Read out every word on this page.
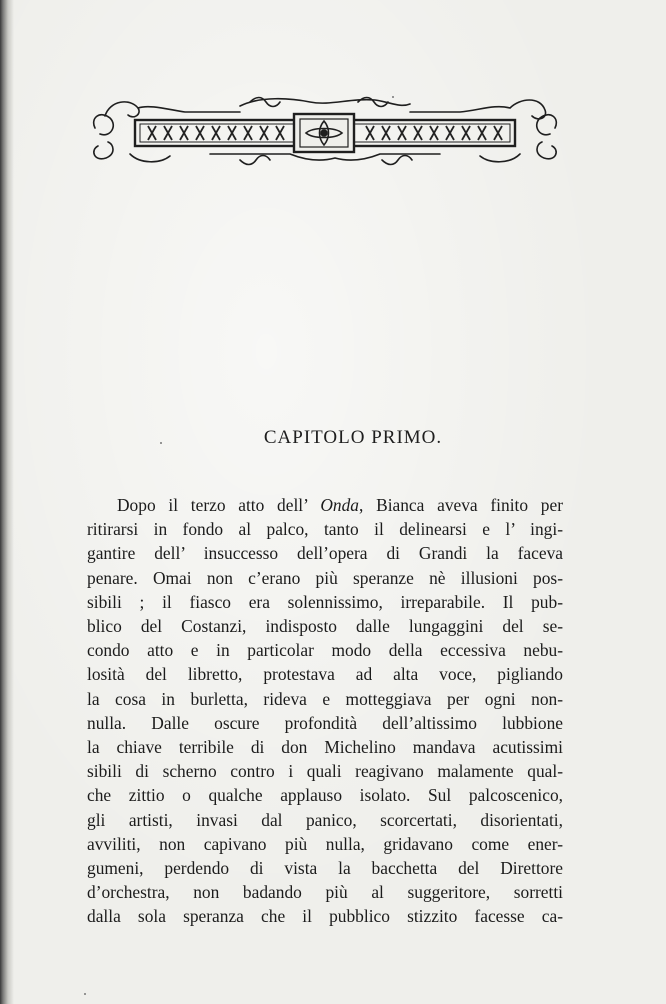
CAPITOLO PRIMO.
Dopo il terzo atto dell’ Onda, Bianca aveva finito per
ritirarsi in fondo al palco, tanto il delinearsi e l’ ingi-
gantire dell’ insuccesso dell’opera di Grandi la faceva
penare. Omai non c’erano più speranze nè illusioni pos-
sibili ; il fiasco era solennissimo, irreparabile. Il pub-
blico del Costanzi, indisposto dalle lungaggini del se-
condo atto e in particolar modo della eccessiva nebu-
losità del libretto, protestava ad alta voce, pigliando
la cosa in burletta, rideva e motteggiava per ogni non-
nulla. Dalle oscure profondità dell’altissimo lubbione
la chiave terribile di don Michelino mandava acutissimi
sibili di scherno contro i quali reagivano malamente qual-
che zittio o qualche applauso isolato. Sul palcoscenico,
gli artisti, invasi dal panico, scorcertati, disorientati,
avviliti, non capivano più nulla, gridavano come ener-
gumeni, perdendo di vista la bacchetta del Direttore
d’orchestra, non badando più al suggeritore, sorretti
dalla sola speranza che il pubblico stizzito facesse ca-
